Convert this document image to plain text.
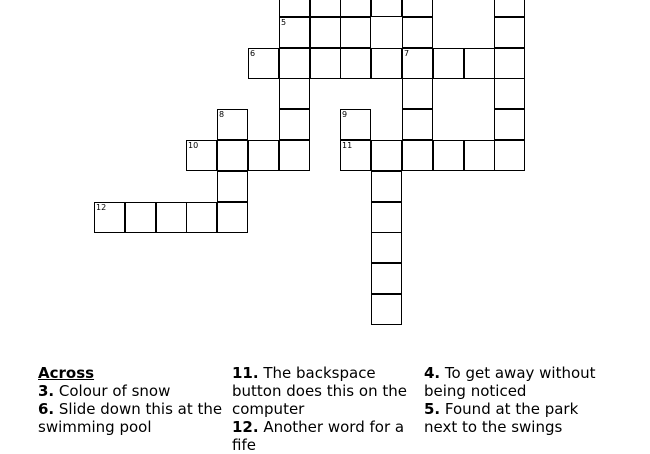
5
6	7
8	9
10	11
12
Across
3. Colour of snow
6. Slide down this at the swimming pool
11. The backspace button does this on the computer
12. Another word for a fife
4. To get away without being noticed
5. Found at the park next to the swings
